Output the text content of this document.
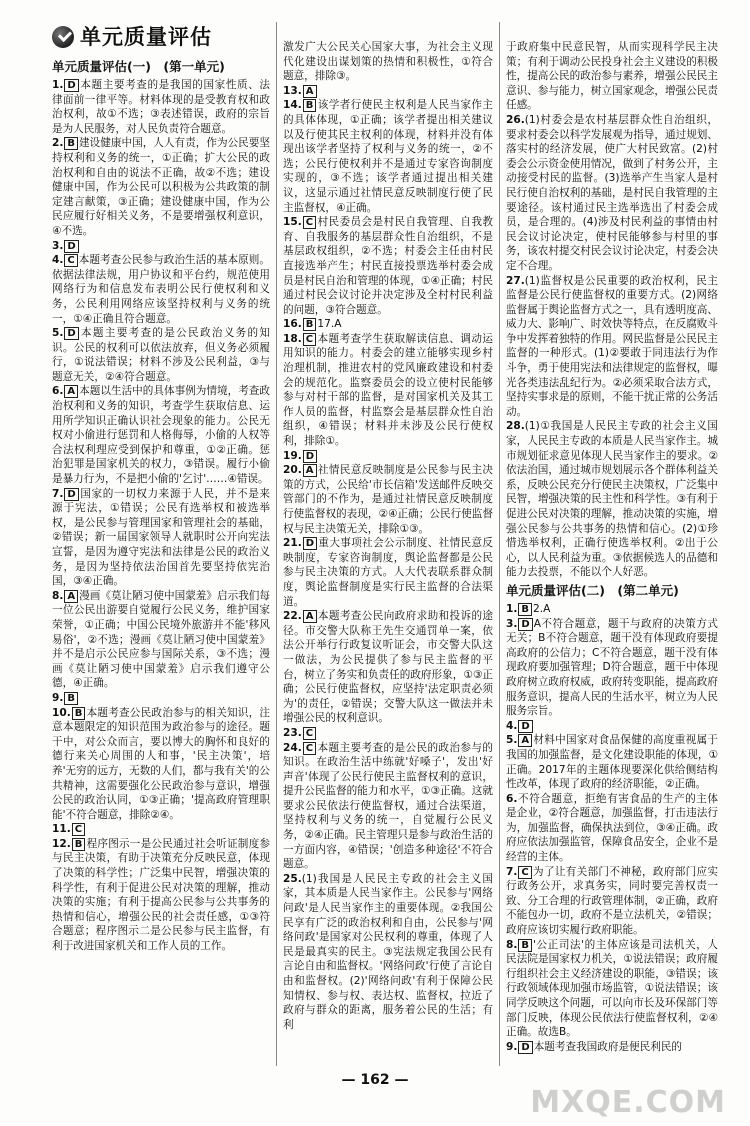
单元质量评估
单元质量评估(一)　(第一单元)

1. D 本题主要考查的是我国的国家性质、法律面前一律平等。材料体现的是受教育权和政治权利，故①不选；③表述错误，政府的宗旨是为人民服务，对人民负责符合题意。

2. B 建设健康中国，人人有责，作为公民要坚持权利和义务的统一，①正确；扩大公民的政治权利和自由的说法不正确，故②不选；建设健康中国，作为公民可以积极为公共政策的制定建言献策，③正确；建设健康中国，作为公民应履行好相关义务，不是要增强权利意识，④不选。

3. D

4. C 本题考查公民参与政治生活的基本原则。依据法律法规，用户协议和平台约，规范使用网络行为和信息发布表明公民行使权利和义务，公民利用网络应该坚持权利与义务的统一，①④正确且符合题意。

5. D 本题主要考查的是公民政治义务的知识。公民的权利可以依法放弃，但义务必须履行，①说法错误；材料不涉及公民利益，③与题意无关，②④符合题意。

6. A 本题以生活中的具体事例为情境，考查政治权利和义务的知识，考查学生获取信息、运用所学知识正确认识社会现象的能力。公民无权对小偷进行惩罚和人格侮辱，小偷的人权等合法权利理应受到保护和尊重，①②正确。惩治犯罪是国家机关的权力，③错误。履行小偷是暴力行为，不是把小偷的'乞讨'……④错误。

7. D 国家的一切权力来源于人民，并不是来源于宪法，①错误；公民有选举权和被选举权，是公民参与管理国家和管理社会的基础，②错误；新一届国家领导人就职时公开向宪法宣誓，是因为遵守宪法和法律是公民的政治义务，是因为坚持依法治国首先要坚持依宪治国，③④正确。

8. A 漫画《莫让陋习使中国蒙羞》启示我们每一位公民出游要自觉履行公民义务，维护国家荣誉，①正确；中国公民境外旅游并不能'移风易俗'，②不选；漫画《莫让陋习使中国蒙羞》并不是启示公民应参与国际关系，③不选；漫画《莫让陋习使中国蒙羞》启示我们遵守公德，④正确。

9. B

10. B 本题考查公民政治参与的相关知识，注意本题限定的知识范围为政治参与的途径。题干中，对公众而言，要以博大的胸怀和良好的德行来关心周围的人和事，'民主决策'，培养'无穷的远方，无数的人们，都与我有关'的公共精神，这需要强化公民政治参与意识，增强公民的政治认同，①③正确；'提高政府管理职能'不符合题意，排除②④。

11. C

12. B 程序图示一是公民通过社会听证制度参与民主决策，有助于决策充分反映民意，体现了决策的科学性；广泛集中民智，增强决策的科学性，有利于促进公民对决策的理解，推动决策的实施；有利于提高公民参与公共事务的热情和信心，增强公民的社会责任感，①③符合题意；程序图示二是公民参与民主监督，有利于改进国家机关和工作人员的工作。

激发广大公民关心国家大事，为社会主义现代化建设出谋划策的热情和积极性，①符合题意，排除③。

13. A

14. B 该学者行使民主权利是人民当家作主的具体体现，①正确；该学者提出相关建议以及行使其民主权利的体现，材料并没有体现出该学者坚持了权利与义务的统一，②不选；公民行使权利并不是通过专家咨询制度实现的，③不选；该学者通过提出相关建议，这显示通过社情民意反映制度行使了民主监督权，④正确。

15. C 村民委员会是村民自我管理、自我教育、自我服务的基层群众性自治组织，不是基层政权组织，②不选；村委会主任由村民直接选举产生；村民直接投票选举村委会成员是村民自治和管理的体现，①④正确；村民通过村民会议讨论并决定涉及全村村民利益的问题，③符合题意。

16. B 17.A

18. C 本题考查学生获取解读信息、调动运用知识的能力。村委会的建立能够实现乡村治理机制，推进农村的党风廉政建设和村委会的规范化。监察委员会的设立使村民能够参与对村干部的监督，是对国家机关及其工作人员的监督，村监察会是基层群众性自治组织，④错误；材料并未涉及公民行使权利，排除①。

19. D

20. A 社情民意反映制度是公民参与民主决策的方式，公民给'市长信箱'发送邮件反映交管部门的不作为，是通过社情民意反映制度行使监督权的表现，②④正确；公民行使监督权与民主决策无关，排除①③。

21. D 重大事项社会公示制度、社情民意反映制度，专家咨询制度，舆论监督都是公民参与民主决策的方式。人大代表联系群众制度，舆论监督制度是实行民主监督的合法渠道。

22. A 本题考查公民向政府求助和投诉的途径。市交警大队称王先生交通罚单一案，依法公开举行行政复议听证会，市交警大队这一做法，为公民提供了参与民主监督的平台，树立了务实和负责任的政府形象，①③正确；公民行使监督权，应坚持'法定职责必须为'的责任，②错误；交警大队这一做法并未增强公民的权利意识。

23. C

24. C 本题主要考查的是公民的政治参与的知识。在政治生活中练就'好嗓子'，发出'好声音'体现了公民行使民主监督权利的意识，提升公民监督的能力和水平，①③正确。这就要求公民依法行使监督权，通过合法渠道，坚持权利与义务的统一，自觉履行公民义务，②④正确。民主管理只是参与政治生活的一方面内容，④错误；'创造多种途径'不符合题意。

25.(1)我国是人民民主专政的社会主义国家，其本质是人民当家作主。公民参与'网络问政'是人民当家作主的重要体现。②我国公民享有广泛的政治权利和自由，公民参与'网络问政'是国家对公民权利的尊重，体现了人民是最真实的民主。③宪法规定我国公民有言论自由和监督权。'网络问政'行使了言论自由和监督权。(2)'网络问政'有利于保障公民知情权、参与权、表达权、监督权，拉近了政府与群众的距离，服务着公民的生活；有利

于政府集中民意民智，从而实现科学民主决策；有利于调动公民投身社会主义建设的积极性，提高公民的政治参与素养，增强公民民主意识、参与能力，树立国家观念，增强公民责任感。

26.(1)村委会是农村基层群众性自治组织，要求村委会以科学发展观为指导，通过规划、落实村的经济发展，使广大村民致富。(2)村委会公示资金使用情况，做到了村务公开，主动接受村民的监督。(3)选举产生当家人是村民行使自治权利的基础，是村民自我管理的主要途径。该村通过民主选举选出了村委会成员，是合理的。(4)涉及村民利益的事情由村民会议讨论决定，使村民能够参与村里的事务，该农村提交村民会议讨论决定，村委会决定不合理。

27.(1)监督权是公民重要的政治权利，民主监督是公民行使监督权的重要方式。(2)网络监督属于舆论监督方式之一，具有透明度高、威力大、影响广、时效快等特点，在反腐败斗争中发挥着独特的作用。网民监督是公民民主监督的一种形式。(1)②要敢于同违法行为作斗争，勇于使用宪法和法律规定的监督权，曝光各类违法乱纪行为。②必须采取合法方式，坚持实事求是的原则，不能干扰正常的公务活动。

28.(1)①我国是人民民主专政的社会主义国家，人民民主专政的本质是人民当家作主。城市规划征求意见体现人民当家作主的要求。②依法治国，通过城市规划展示各个群体利益关系，反映公民充分行使民主决策权，广泛集中民智，增强决策的民主性和科学性。③有利于促进公民对决策的理解，推动决策的实施，增强公民参与公共事务的热情和信心。(2)①珍惜选举权利，正确行使选举权利。②出于公心，以人民利益为重。③依据候选人的品德和能力去投票，不能以个人好恶。

单元质量评估(二)　(第二单元)

1. B 2.A

3. D A不符合题意，题干与政府的决策方式无关；B不符合题意，题干没有体现政府要提高政府的公信力；C不符合题意，题干没有体现政府要加强管理；D符合题意，题干中体现政府树立政府权威，政府转变职能，提高政府服务意识，提高人民的生活水平，树立为人民服务宗旨。

4. D

5. A 材料中国家对食品保健的高度重视属于我国的加强监督，是文化建设职能的体现，①正确。2017年的主题体现要深化供给侧结构性改革，体现了政府的经济职能，②正确。

6.不符合题意，拒绝有害食品的生产的主体是企业，②符合题意，加强监督，打击违法行为，加强监督，确保执法到位，③④正确。政府应依法加强监管，保障食品安全，企业不是经营的主体。

7. C 为了让有关部门不神秘，政府部门应实行政务公开，求真务实，同时要完善权责一致、分工合理的行政管理体制，②正确，政府不能包办一切，政府不是立法机关，②错误；政府应该切实履行政府职能。

8. B '公正司法'的主体应该是司法机关，人民法院是国家权力机关，①说法错误；政府履行组织社会主义经济建设的职能，③错误；该行政领域体现加强市场监管，①说法错误；该同学反映这个问题，可以向市长及环保部门等部门反映，体现公民依法行使监督权利，②④正确。故选B。

9. D 本题考查我国政府是便民利民的

— 162 —
MXQE.COM
